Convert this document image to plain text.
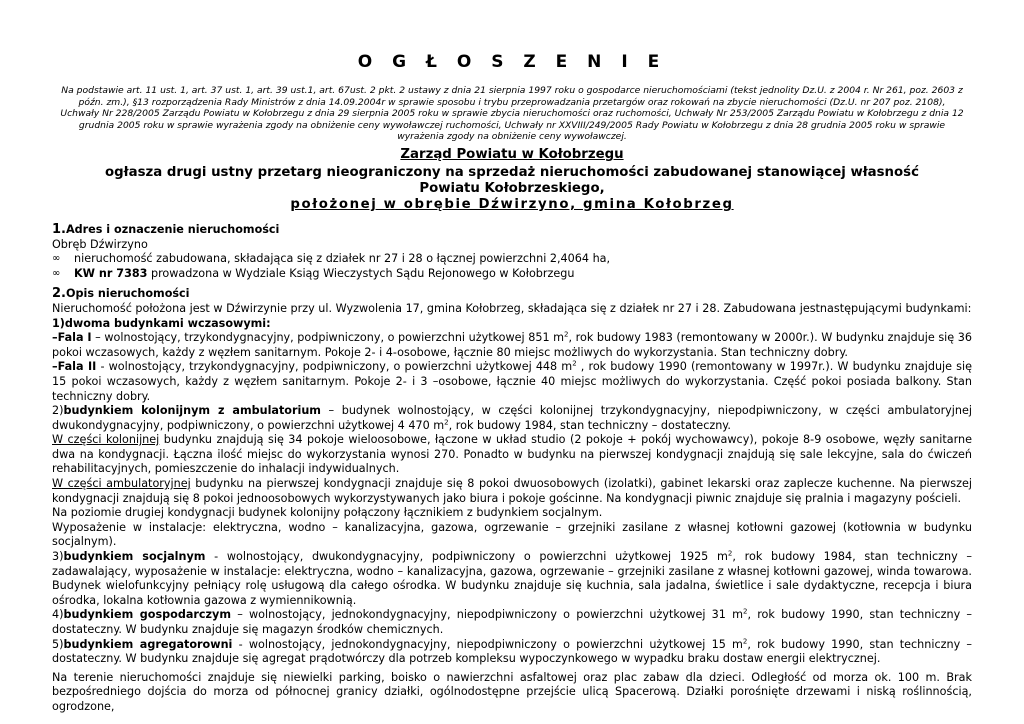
O G Ł O S Z E N I E
Na podstawie art. 11 ust. 1, art. 37 ust. 1, art. 39 ust.1, art. 67ust. 2 pkt. 2 ustawy z dnia 21 sierpnia 1997 roku o gospodarce nieruchomościami (tekst jednolity Dz.U. z 2004 r. Nr 261, poz. 2603 z późn. zm.), §13 rozporządzenia Rady Ministrów z dnia 14.09.2004r w sprawie sposobu i trybu przeprowadzania przetargów oraz rokowań na zbycie nieruchomości (Dz.U. nr 207 poz. 2108), Uchwały Nr 228/2005 Zarządu Powiatu w Kołobrzegu z dnia 29 sierpnia 2005 roku w sprawie zbycia nieruchomości oraz ruchomości, Uchwały Nr 253/2005 Zarządu Powiatu w Kołobrzegu z dnia 12 grudnia 2005 roku w sprawie wyrażenia zgody na obniżenie ceny wywoławczej ruchomości, Uchwały nr XXVIII/249/2005 Rady Powiatu w Kołobrzegu z dnia 28 grudnia 2005 roku w sprawie wyrażenia zgody na obniżenie ceny wywoławczej.
Zarząd Powiatu w Kołobrzegu
ogłasza drugi ustny przetarg nieograniczony na sprzedaż nieruchomości zabudowanej stanowiącej własność Powiatu Kołobrzeskiego,
położonej w obrębie Dźwirzyno, gmina Kołobrzeg
1.Adres i oznaczenie nieruchomości
Obręb Dźwirzyno
∞	nieruchomość zabudowana, składająca się z działek nr 27 i 28 o łącznej powierzchni 2,4064 ha,
∞	KW nr 7383 prowadzona w Wydziale Ksiąg Wieczystych Sądu Rejonowego w Kołobrzegu
2.Opis nieruchomości
Nieruchomość położona jest w Dźwirzynie przy ul. Wyzwolenia 17, gmina Kołobrzeg, składająca się z działek nr 27 i 28. Zabudowana jestnastępującymi budynkami:
1)dwoma budynkami wczasowymi:
–Fala I – wolnostojący, trzykondygnacyjny, podpiwniczony, o powierzchni użytkowej 851 $m^2$, rok budowy 1983 (remontowany w 2000r.). W budynku znajduje się 36 pokoi wczasowych, każdy z węzłem sanitarnym. Pokoje 2- i 4-osobowe, łącznie 80 miejsc możliwych do wykorzystania. Stan techniczny dobry.
–Fala II - wolnostojący, trzykondygnacyjny, podpiwniczony, o powierzchni użytkowej 448 $m^2$ , rok budowy 1990 (remontowany w 1997r.). W budynku znajduje się 15 pokoi wczasowych, każdy z węzłem sanitarnym. Pokoje 2- i 3 –osobowe, łącznie 40 miejsc możliwych do wykorzystania. Część pokoi posiada balkony. Stan techniczny dobry.
2)budynkiem kolonijnym z ambulatorium – budynek wolnostojący, w części kolonijnej trzykondygnacyjny, niepodpiwniczony, w części ambulatoryjnej dwukondygnacyjny, podpiwniczony, o powierzchni użytkowej 4 470 $m^2$, rok budowy 1984, stan techniczny – dostateczny.
W części kolonijnej budynku znajdują się 34 pokoje wieloosobowe, łączone w układ studio (2 pokoje + pokój wychowawcy), pokoje 8-9 osobowe, węzły sanitarne dwa na kondygnacji. Łączna ilość miejsc do wykorzystania wynosi 270. Ponadto w budynku na pierwszej kondygnacji znajdują się sale lekcyjne, sala do ćwiczeń rehabilitacyjnych, pomieszczenie do inhalacji indywidualnych.
W części ambulatoryjnej budynku na pierwszej kondygnacji znajduje się 8 pokoi dwuosobowych (izolatki), gabinet lekarski oraz zaplecze kuchenne. Na pierwszej kondygnacji znajdują się 8 pokoi jednoosobowych wykorzystywanych jako biura i pokoje gościnne. Na kondygnacji piwnic znajduje się pralnia i magazyny pościeli.
Na poziomie drugiej kondygnacji budynek kolonijny połączony łącznikiem z budynkiem socjalnym.
Wyposażenie w instalacje: elektryczna, wodno – kanalizacyjna, gazowa, ogrzewanie – grzejniki zasilane z własnej kotłowni gazowej (kotłownia w budynku socjalnym).
3)budynkiem socjalnym - wolnostojący, dwukondygnacyjny, podpiwniczony o powierzchni użytkowej 1925 $m^2$, rok budowy 1984, stan techniczny – zadawalający, wyposażenie w instalacje: elektryczna, wodno – kanalizacyjna, gazowa, ogrzewanie – grzejniki zasilane z własnej kotłowni gazowej, winda towarowa. Budynek wielofunkcyjny pełniący rolę usługową dla całego ośrodka. W budynku znajduje się kuchnia, sala jadalna, świetlice i sale dydaktyczne, recepcja i biura ośrodka, lokalna kotłownia gazowa z wymiennikownią.
4)budynkiem gospodarczym – wolnostojący, jednokondygnacyjny, niepodpiwniczony o powierzchni użytkowej 31 $m^2$, rok budowy 1990, stan techniczny – dostateczny. W budynku znajduje się magazyn środków chemicznych.
5)budynkiem agregatorowni - wolnostojący, jednokondygnacyjny, niepodpiwniczony o powierzchni użytkowej 15 $m^2$, rok budowy 1990, stan techniczny – dostateczny. W budynku znajduje się agregat prądotwórczy dla potrzeb kompleksu wypoczynkowego w wypadku braku dostaw energii elektrycznej.
Na terenie nieruchomości znajduje się niewielki parking, boisko o nawierzchni asfaltowej oraz plac zabaw dla dzieci. Odległość od morza ok. 100 m. Brak bezpośredniego dojścia do morza od północnej granicy działki, ogólnodostępne przejście ulicą Spacerową. Działki porośnięte drzewami i niską roślinnością, ogrodzone,
